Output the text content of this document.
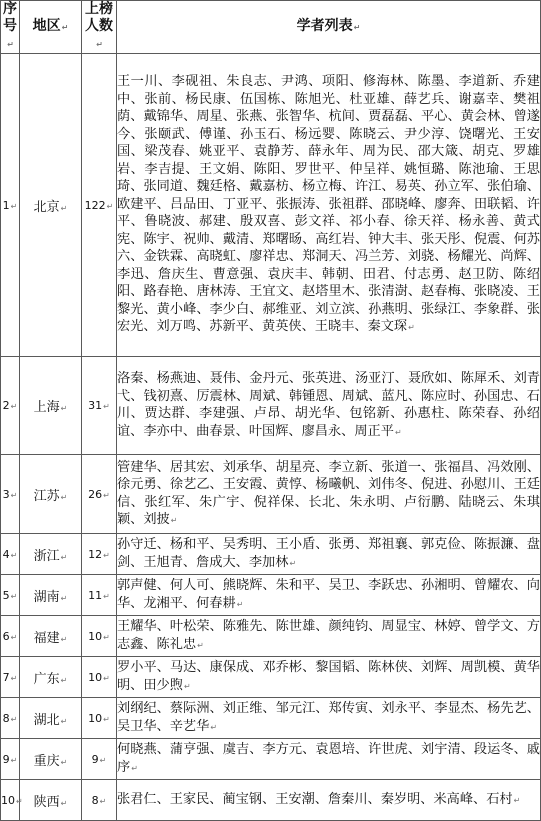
序号↵	地区↵	上榜人数↵	学者列表↵
1↵	北京↵	122↵	王一川、李砚祖、朱良志、尹鸿、项阳、修海林、陈墨、李道新、乔建中、张前、杨民康、伍国栋、陈旭光、杜亚雄、薛艺兵、谢嘉幸、樊祖荫、戴锦华、周星、张燕、张智华、杭间、贾磊磊、平心、黄会林、曾遂今、张颐武、傅谨、孙玉石、杨远婴、陈晓云、尹少淳、饶曙光、王安国、梁茂春、姚亚平、袁静芳、薛永年、周为民、邵大箴、胡克、罗雄岩、李吉提、王文娟、陈阳、罗世平、仲呈祥、姚恒璐、陈池瑜、王思琦、张同道、魏廷格、戴嘉枋、杨立梅、许江、易英、孙立军、张伯瑜、欧建平、吕品田、丁亚平、张振涛、张祖群、邵晓峰、廖奔、田联韬、许平、鲁晓波、郝建、殷双喜、彭文祥、祁小春、徐天祥、杨永善、黄式宪、陈宇、祝帅、戴清、郑曙旸、高红岩、钟大丰、张天彤、倪震、何苏六、金铁霖、高晓虹、廖祥忠、郑洞天、冯兰芳、刘骁、杨耀光、尚辉、李迅、詹庆生、曹意强、袁庆丰、韩朝、田君、付志勇、赵卫防、陈绍阳、路春艳、唐林涛、王宜文、赵塔里木、张清澍、赵春梅、张晓凌、王黎光、黄小峰、李少白、郝维亚、刘立滨、孙燕明、张绿江、李象群、张宏光、刘万鸣、苏新平、黄英侠、王晓丰、秦文琛↵
2↵	上海↵	31↵	洛秦、杨燕迪、聂伟、金丹元、张英进、汤亚汀、聂欣如、陈犀禾、刘青弋、钱初熹、厉震林、周斌、韩锺恩、周斌、蓝凡、陈应时、孙国忠、石川、贾达群、李建强、卢昂、胡光华、包铭新、孙惠柱、陈荣春、孙绍谊、李亦中、曲春景、叶国辉、廖昌永、周正平↵
3↵	江苏↵	26↵	管建华、居其宏、刘承华、胡星亮、李立新、张道一、张福昌、冯效刚、徐元勇、徐艺乙、王安霞、黄惇、杨曦帆、刘伟冬、倪进、孙慰川、王廷信、张红军、朱广宇、倪祥保、长北、朱永明、卢衍鹏、陆晓云、朱琪颖、刘披↵
4↵	浙江↵	12↵	孙守迁、杨和平、吴秀明、王小盾、张勇、郑祖襄、郭克俭、陈振濂、盘剑、王旭青、詹成大、李加林↵
5↵	湖南↵	11↵	郭声健、何人可、熊晓辉、朱和平、吴卫、李跃忠、孙湘明、曾耀农、向华、龙湘平、何春耕↵
6↵	福建↵	10↵	王耀华、叶松荣、陈雅先、陈世雄、颜纯钧、周显宝、林婷、曾学文、方志鑫、陈礼忠↵
7↵	广东↵	10↵	罗小平、马达、康保成、邓乔彬、黎国韬、陈林侠、刘辉、周凯模、黄华明、田少煦↵
8↵	湖北↵	10↵	刘纲纪、蔡际洲、刘正维、邹元江、郑传寅、刘永平、李显杰、杨先艺、吴卫华、辛艺华↵
9↵	重庆↵	9↵	何晓燕、蒲亨强、虞吉、李方元、袁恩培、许世虎、刘宇清、段运冬、戚序↵
10↵	陕西↵	8↵	张君仁、王家民、蔺宝钢、王安潮、詹秦川、秦岁明、米高峰、石村↵
